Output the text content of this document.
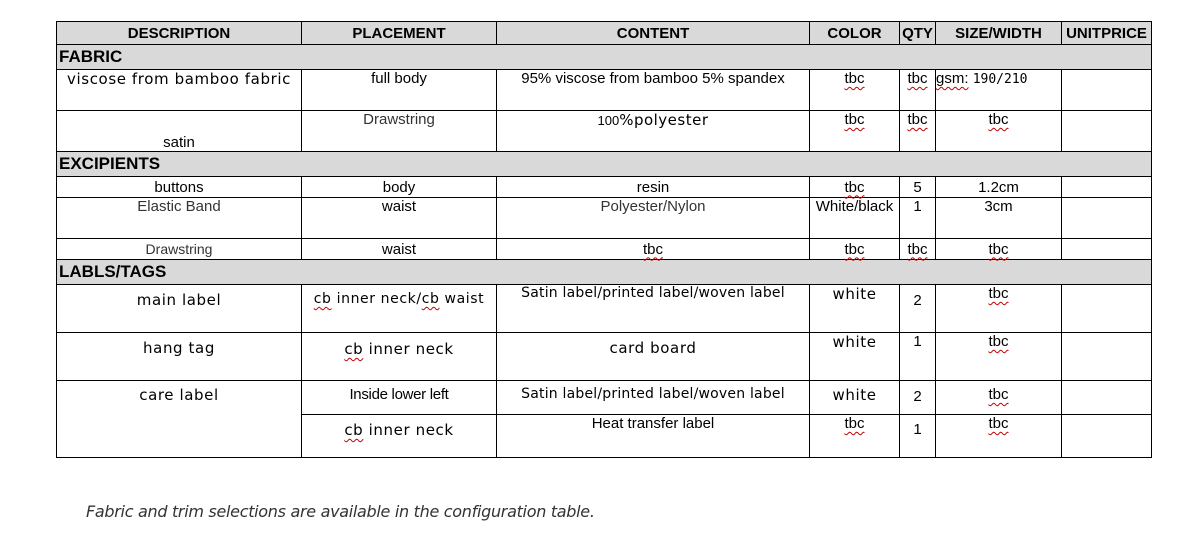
DESCRIPTION	PLACEMENT	CONTENT	COLOR	QTY	SIZE/WIDTH	UNITPRICE
FABRIC						
viscose from bamboo fabric	full body	95% viscose from bamboo 5% spandex	tbc	tbc	gsm: 190/210	
satin	Drawstring	100%polyester	tbc	tbc	tbc	
EXCIPIENTS						
buttons	body	resin	tbc	5	1.2cm	
Elastic Band	waist	Polyester/Nylon	White/black	1	3cm	
Drawstring	waist	tbc	tbc	tbc	tbc	
LABLS/TAGS						
main label	cb inner neck/cb waist	Satin label/printed label/woven label	white	2	tbc	
hang tag	cb inner neck	card board	white	1	tbc	
care label	Inside lower left	Satin label/printed label/woven label	white	2	tbc	
	cb inner neck	Heat transfer label	tbc	1	tbc	
Fabric and trim selections are available in the configuration table.
